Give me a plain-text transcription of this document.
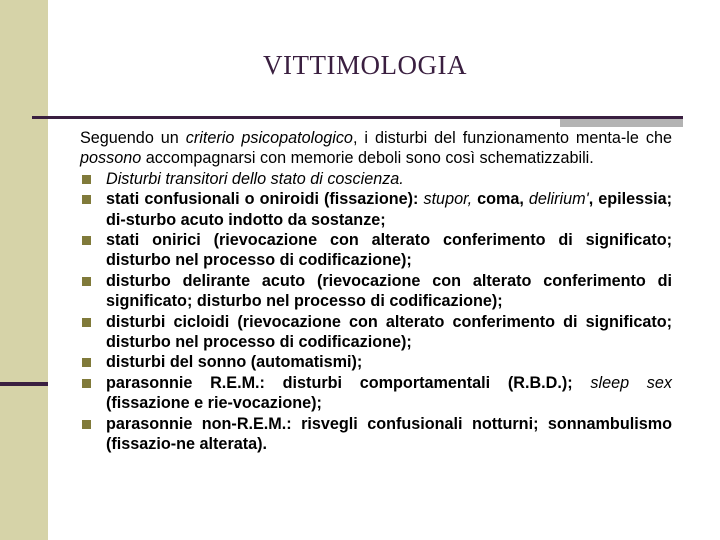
VITTIMOLOGIA

Seguendo un criterio psicopatologico, i disturbi del funzionamento menta-le che possono accompagnarsi con memorie deboli sono così schematizzabili.

Disturbi transitori dello stato di coscienza.
stati confusionali o oniroidi (fissazione): stupor, coma, delirium', epilessia; di-sturbo acuto indotto da sostanze;
stati onirici (rievocazione con alterato conferimento di significato; disturbo nel processo di codificazione);
disturbo delirante acuto (rievocazione con alterato conferimento di significato; disturbo nel processo di codificazione);
disturbi cicloidi (rievocazione con alterato conferimento di significato; disturbo nel processo di codificazione);
disturbi del sonno (automatismi);
parasonnie R.E.M.: disturbi comportamentali (R.B.D.); sleep sex (fissazione e rie-vocazione);
parasonnie non-R.E.M.: risvegli confusionali notturni; sonnambulismo (fissazio-ne alterata).
